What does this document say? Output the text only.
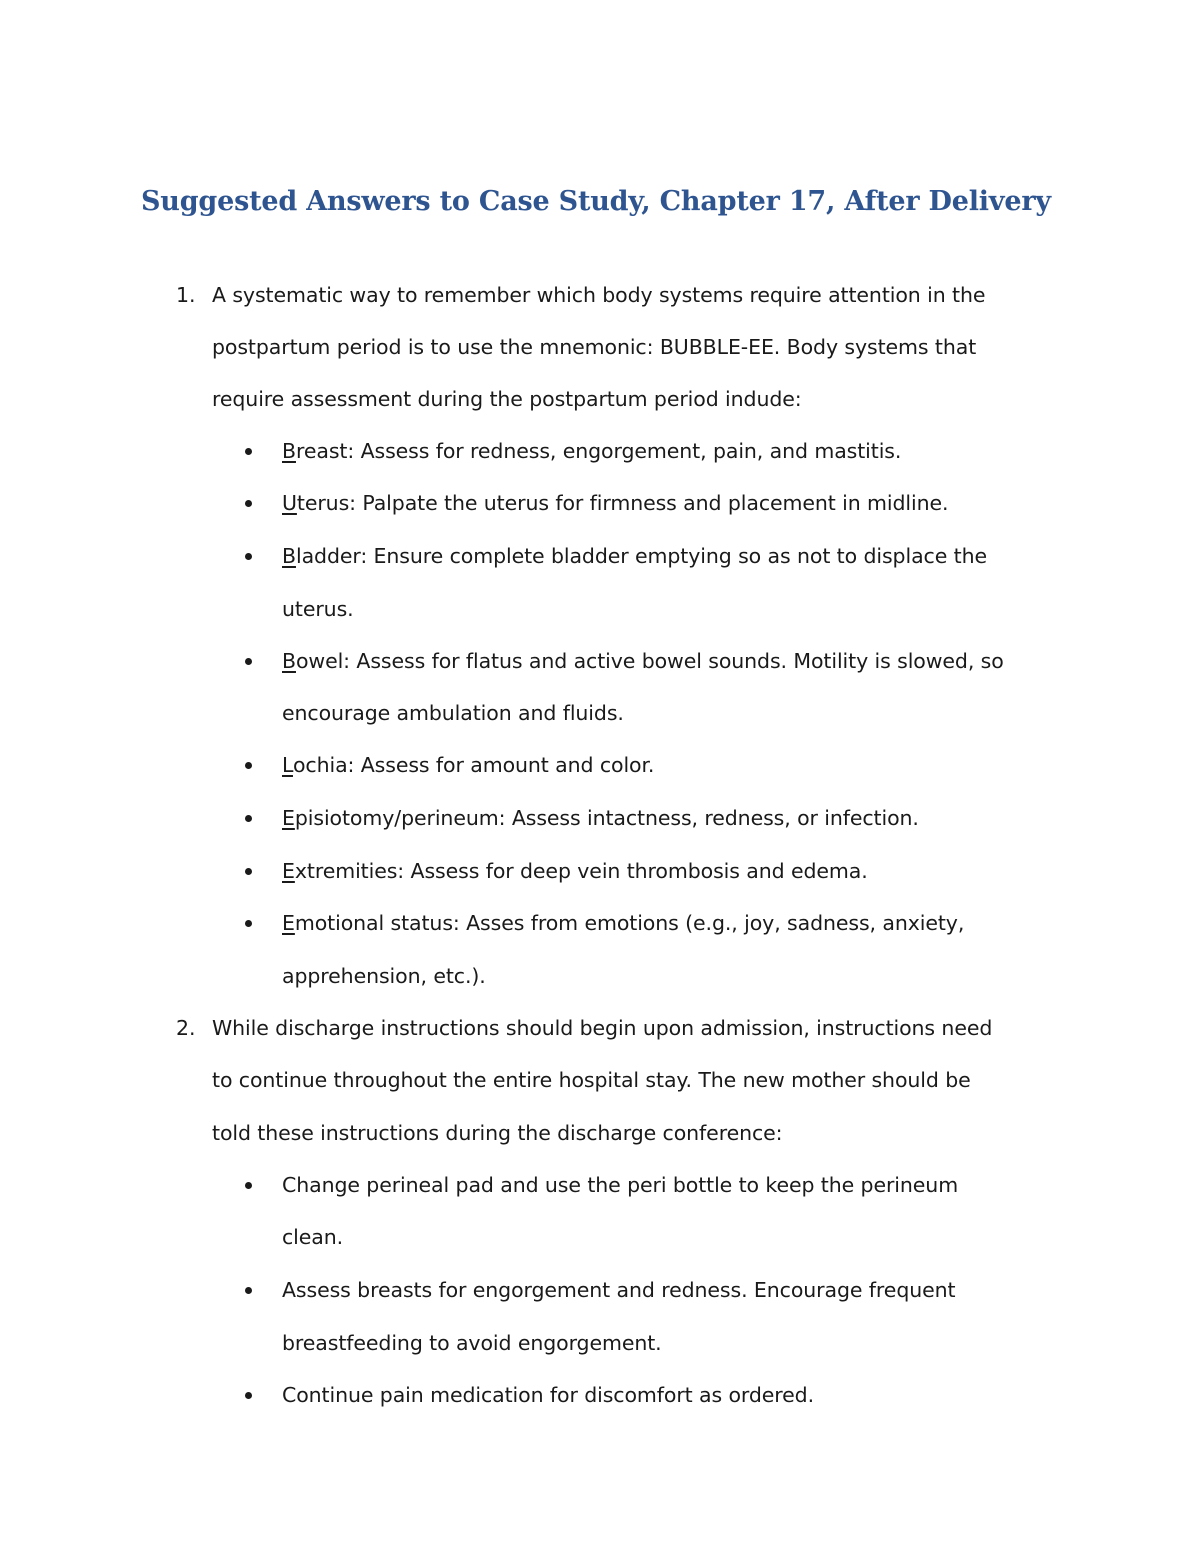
Suggested Answers to Case Study, Chapter 17, After Delivery
1. A systematic way to remember which body systems require attention in the
postpartum period is to use the mnemonic: BUBBLE-EE. Body systems that
require assessment during the postpartum period indude:
Breast: Assess for redness, engorgement, pain, and mastitis.
Uterus: Palpate the uterus for firmness and placement in midline.
Bladder: Ensure complete bladder emptying so as not to displace the
uterus.
Bowel: Assess for flatus and active bowel sounds. Motility is slowed, so
encourage ambulation and fluids.
Lochia: Assess for amount and color.
Episiotomy/perineum: Assess intactness, redness, or infection.
Extremities: Assess for deep vein thrombosis and edema.
Emotional status: Asses from emotions (e.g., joy, sadness, anxiety,
apprehension, etc.).
2. While discharge instructions should begin upon admission, instructions need
to continue throughout the entire hospital stay. The new mother should be
told these instructions during the discharge conference:
Change perineal pad and use the peri bottle to keep the perineum
clean.
Assess breasts for engorgement and redness. Encourage frequent
breastfeeding to avoid engorgement.
Continue pain medication for discomfort as ordered.
